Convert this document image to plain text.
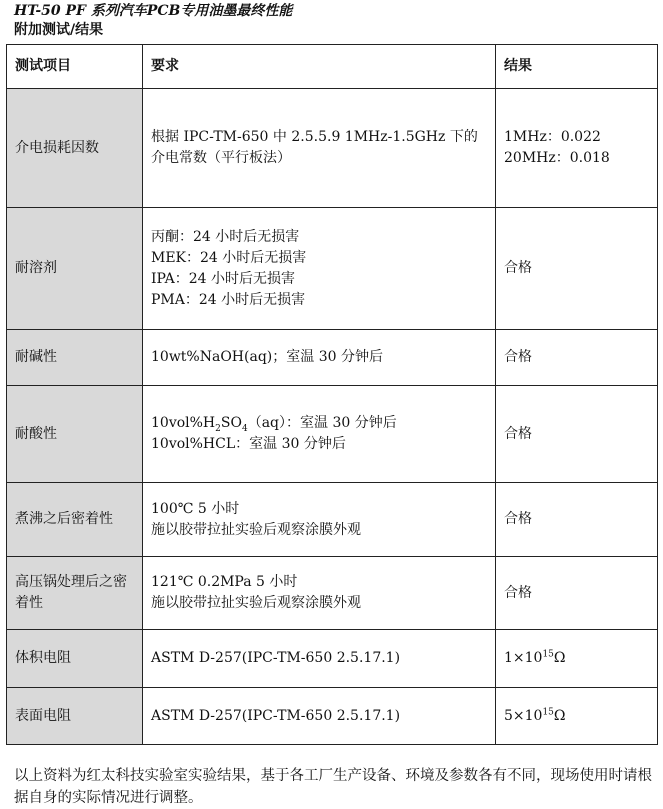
HT-50 PF 系列汽车PCB专用油墨最终性能
附加测试/结果
测试项目	要求	结果
介电损耗因数	根据 IPC-TM-650 中 2.5.5.9 1MHz-1.5GHz 下的介电常数（平行板法）	1MHz：0.022
20MHz：0.018

耐溶剂	丙酮：24 小时后无损害
MEK：24 小时后无损害
IPA：24 小时后无损害
PMA：24 小时后无损害	合格
耐碱性	10wt%NaOH(aq)；室温 30 分钟后	合格
耐酸性	$10vol\%H_2SO_4(aq)$：室温 30 分钟后
10vol%HCL：室温 30 分钟后	合格
煮沸之后密着性	100℃ 5 小时
施以胶带拉扯实验后观察涂膜外观	合格
高压锅处理后之密着性	121℃ 0.2MPa 5 小时
施以胶带拉扯实验后观察涂膜外观	合格
体积电阻	ASTM D-257(IPC-TM-650 2.5.17.1)	$1\times 10^{15}\Omega$
表面电阻	ASTM D-257(IPC-TM-650 2.5.17.1)	$5\times 10^{15}\Omega$
以上资料为红太科技实验室实验结果，基于各工厂生产设备、环境及参数各有不同，现场使用时请根据自身的实际情况进行调整。
